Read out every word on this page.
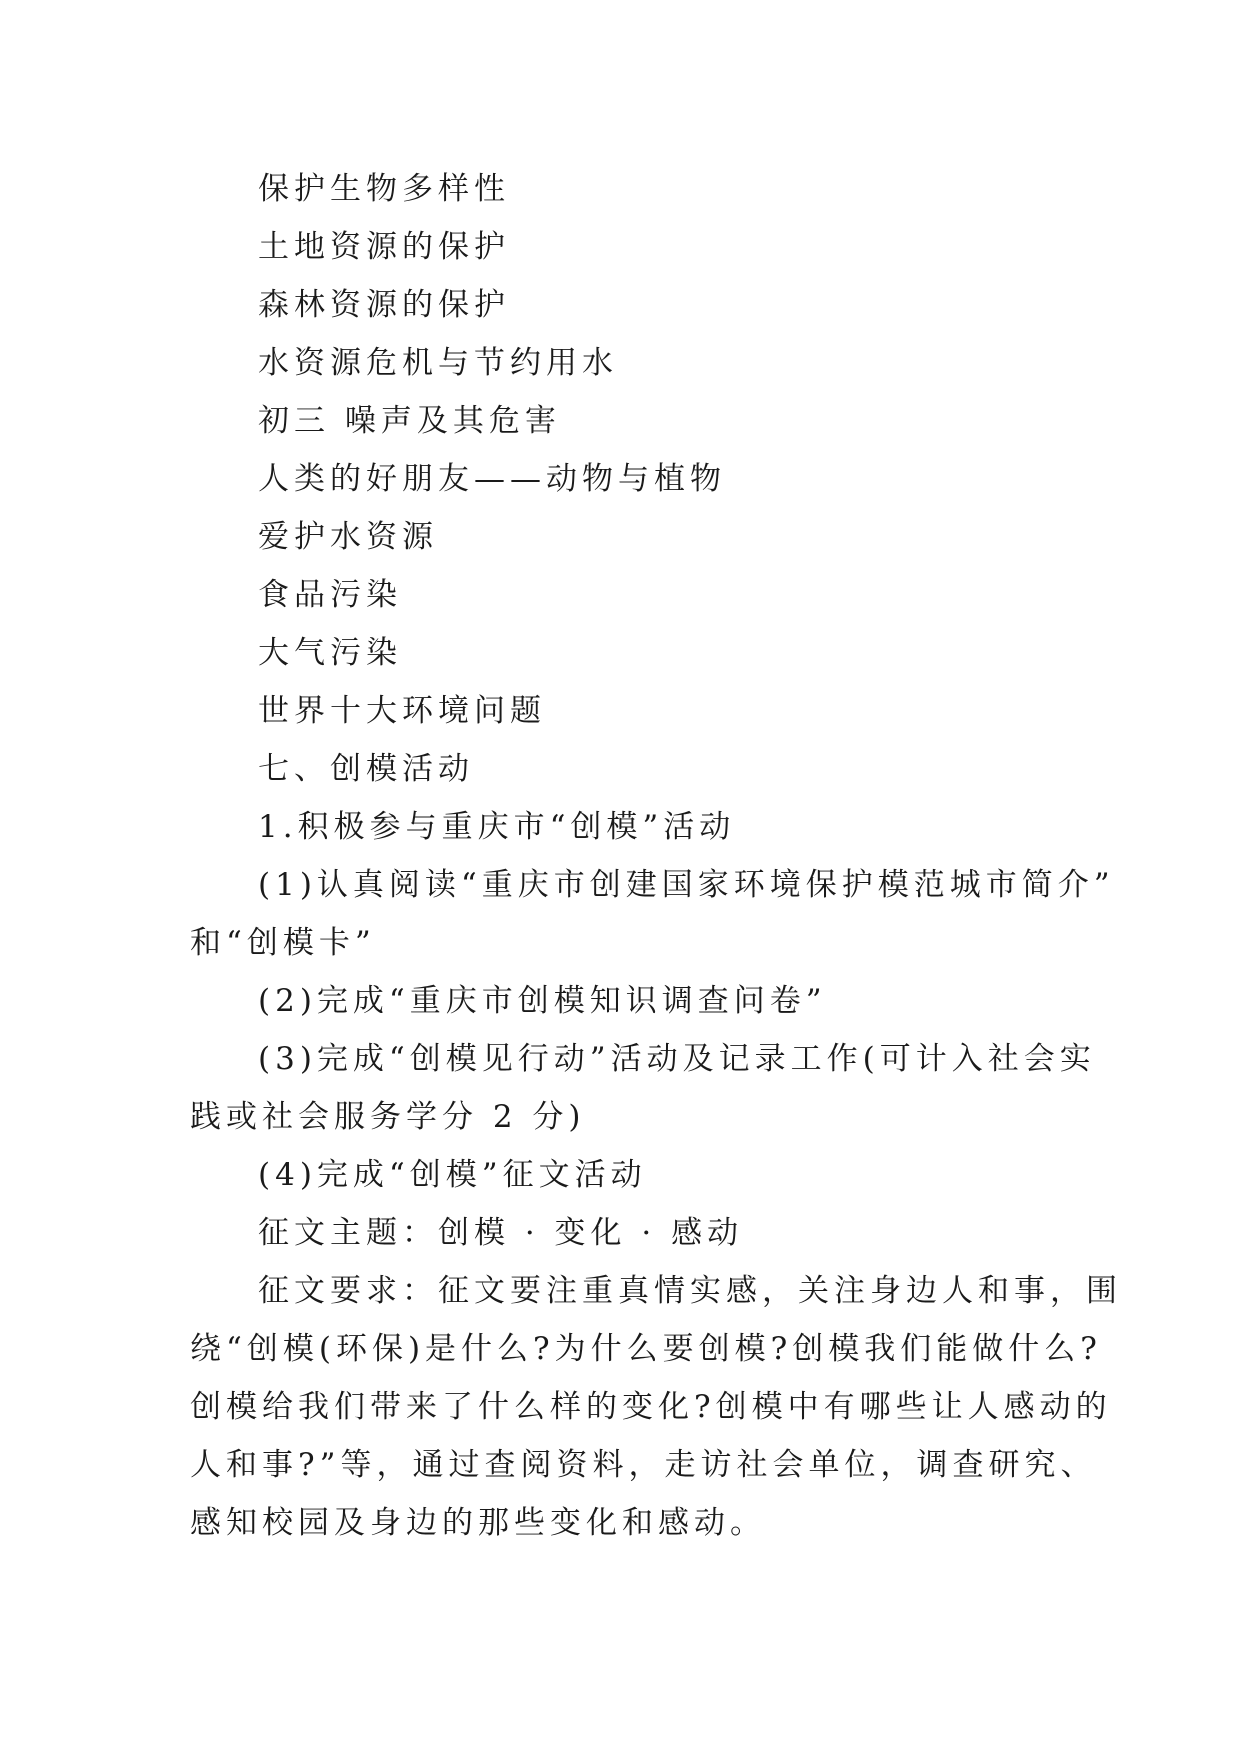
保护生物多样性

土地资源的保护

森林资源的保护

水资源危机与节约用水

初三 噪声及其危害

人类的好朋友——动物与植物

爱护水资源

食品污染

大气污染

世界十大环境问题

七、创模活动

1.积极参与重庆市“创模”活动

(1)认真阅读“重庆市创建国家环境保护模范城市简介”

和“创模卡”

(2)完成“重庆市创模知识调查问卷”

(3)完成“创模见行动”活动及记录工作(可计入社会实

践或社会服务学分 2 分)

(4)完成“创模”征文活动

征文主题：创模 · 变化 · 感动

征文要求：征文要注重真情实感，关注身边人和事，围

绕“创模(环保)是什么?为什么要创模?创模我们能做什么?

创模给我们带来了什么样的变化?创模中有哪些让人感动的

人和事?”等，通过查阅资料，走访社会单位，调查研究、

感知校园及身边的那些变化和感动。
